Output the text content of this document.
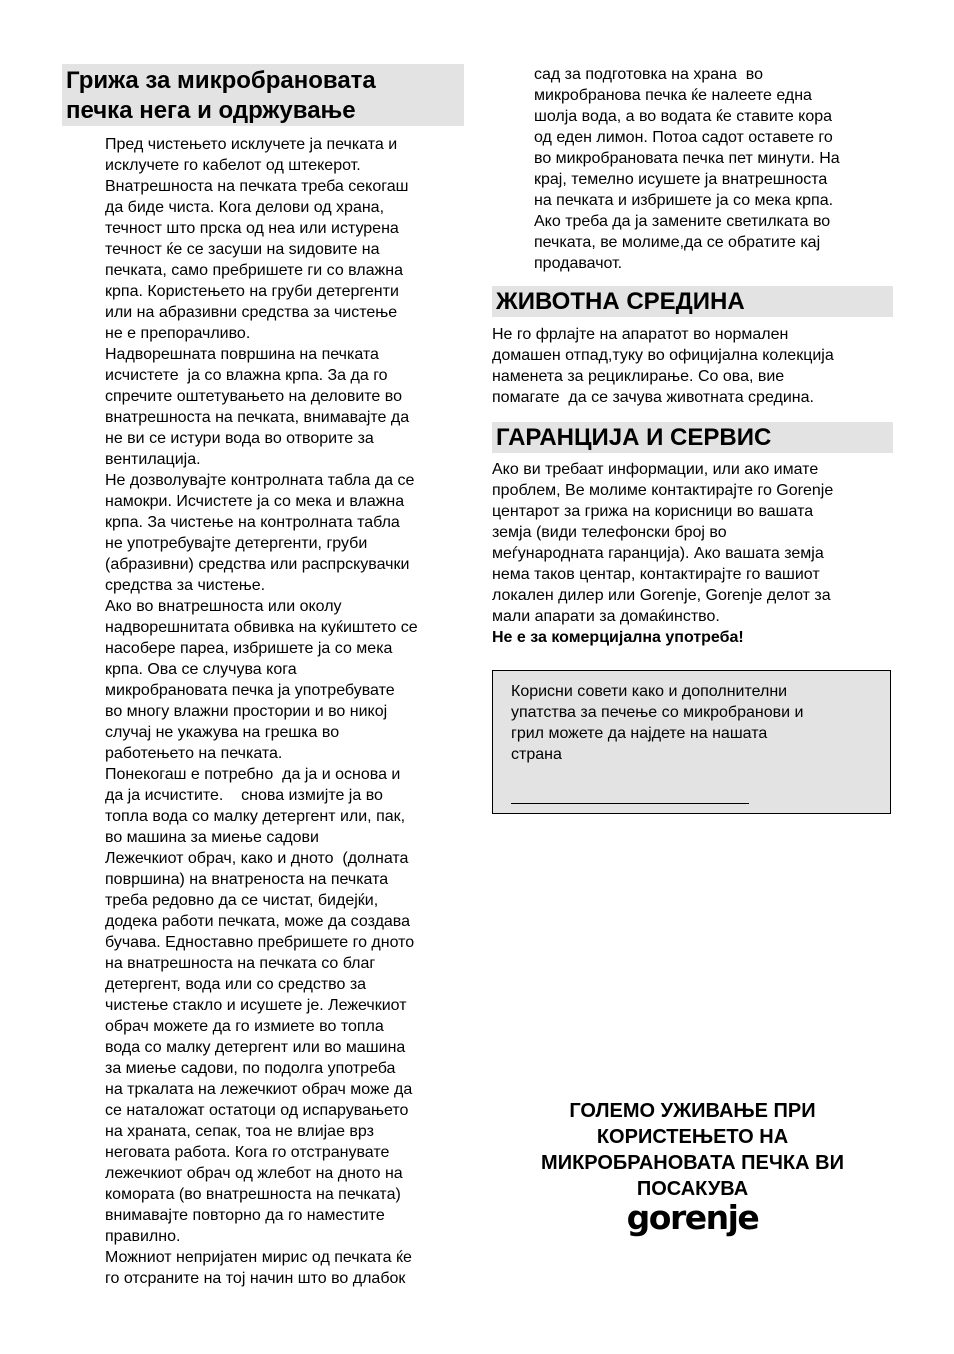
Грижа за микробрановата
печка нега и одржување

Пред чистењето исклучете ја печката и
исклучете го кабелот од штекерот.
Внатрешноста на печката треба секогаш
да биде чиста. Кога делови од храна,
течност што прска од неа или истурена
течност ќе се засуши на ѕидовите на
печката, само пребришете ги со влажна
крпа. Користењето на груби детергенти
или на абразивни средства за чистење
не е препорачливо.

Надворешната површина на печката
исчистете  ја со влажна крпа. За да го
спречите оштетувањето на деловите во
внатрешноста на печката, внимавајте да
не ви се истури вода во отворите за
вентилација.

Не дозволувајте контролната табла да се
намокри. Исчистете ја со мека и влажна
крпа. За чистење на контролната табла
не употребувајте детергенти, груби
(абразивни) средства или распрскувачки
средства за чистење.

Ако во внатрешноста или околу
надворешнитата обвивка на куќиштето се
насобере пареа, избришете ја со мека
крпа. Ова се случува кога
микробрановата печка ја употребувате
во многу влажни простории и во никој
случај не укажува на грешка во
работењето на печката.

Понекогаш е потребно  да ја и основа и
да ја исчистите.    снова измијте ја во
топла вода со малку детергент или, пак,
во машина за миење садови

Лежечкиот обрач, како и дното  (долната
површина) на внатреноста на печката
треба редовно да се чистат, бидејќи,
додека работи печката, може да создава
бучава. Едноставно пребришете го дното
на внатрешноста на печката со благ
детергент, вода или со средство за
чистење стакло и исушете је. Лежечкиот
обрач можете да го измиете во топла
вода со малку детергент или во машина
за миење садови, по подолга употреба
на тркалата на лежечкиот обрач може да
се наталожат остатоци од испарувањето
на храната, сепак, тоа не влијае врз
неговата работа. Кога го отстранувате
лежечкиот обрач од жлебот на дното на
комората (во внатрешноста на печката)
внимавајте повторно да го наместите
правилно.

Можниот непријатен мирис од печката ќе
го отсраните на тој начин што во длабок

сад за подготовка на храна  во
микробранова печка ќе налеете една
шолја вода, а во водата ќе ставите кора
од еден лимон. Потоа садот оставете го
во микробрановата печка пет минути. На
крај, темелно исушете ја внатрешноста
на печката и избришете ја со мека крпа.
Ако треба да ја замените светилката во
печката, ве молиме,да се обратите кај
продавачот.

ЖИВОТНА СРЕДИНА

Не го фрлајте на апаратот во нормален
домашен отпад,туку во официјална колекција
наменета за рециклирање. Со ова, вие
помагате  да се зачува животната средина.

ГАРАНЦИЈА И СЕРВИС

Ако ви требаат информации, или ако имате
проблем, Ве молиме контактирајте го Gorenje
центарот за грижа на корисници во вашата
земја (види телефонски број во
меѓународната гаранција). Ако вашата земја
нема таков центар, контактирајте го вашиот
локален дилер или Gorenje, Gorenje делот за
мали апарати за домаќинство.

Не е за комерцијална употреба!

Корисни совети како и дополнителни
упатства за печење со микробранови и
грил можете да најдете на нашата
страна

ГОЛЕМО УЖИВАЊЕ ПРИ
КОРИСТЕЊЕТО НА
МИКРОБРАНОВАТА ПЕЧКА ВИ
ПОСАКУВА
gorenje
